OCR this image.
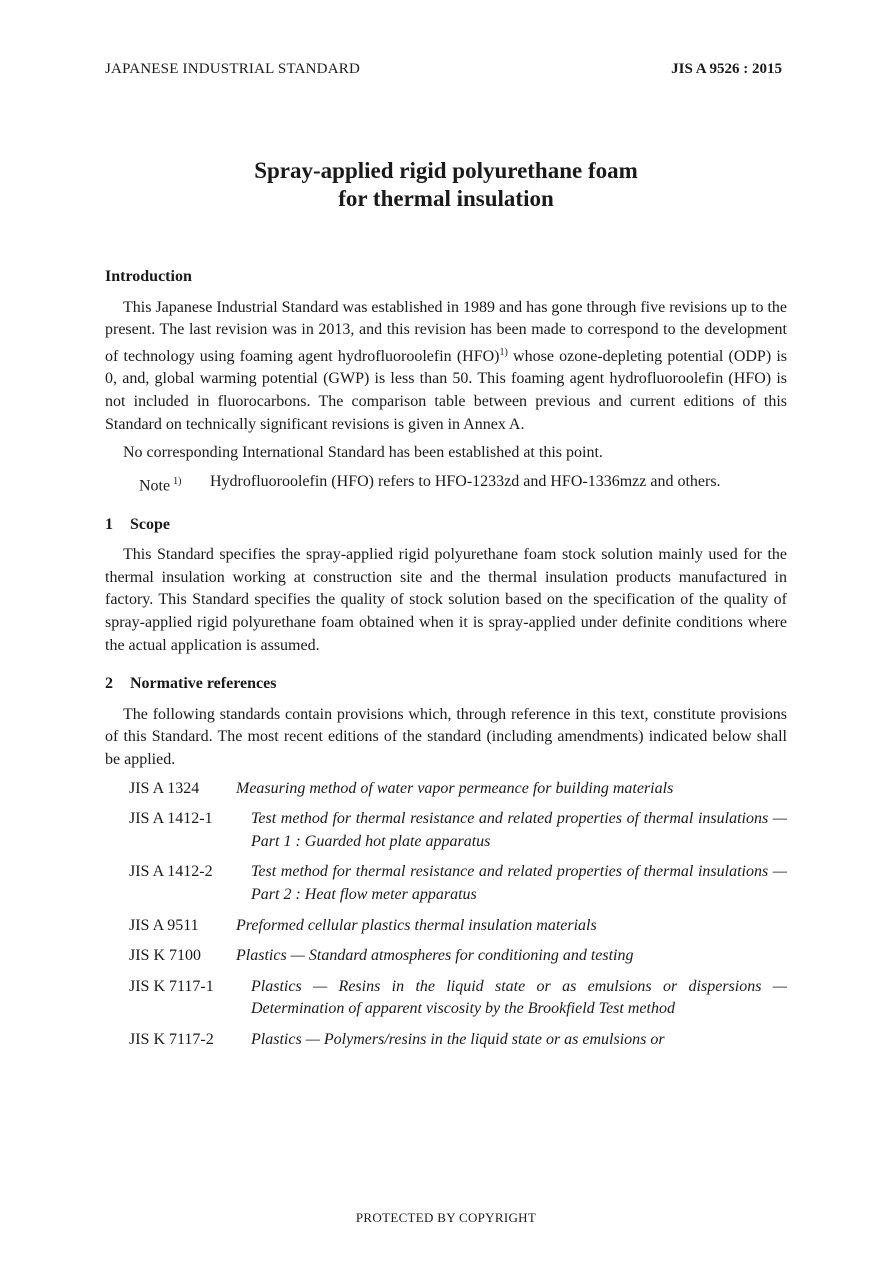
JAPANESE INDUSTRIAL STANDARD	JIS A 9526 : 2015
Spray-applied rigid polyurethane foam
for thermal insulation
Introduction

This Japanese Industrial Standard was established in 1989 and has gone through five revisions up to the present. The last revision was in 2013, and this revision has been made to correspond to the development of technology using foaming agent hydrofluoroolefin (HFO)$^{1)}$ whose ozone-depleting potential (ODP) is 0, and, global warming potential (GWP) is less than 50. This foaming agent hydrofluoroolefin (HFO) is not included in fluorocarbons. The comparison table between previous and current editions of this Standard on technically significant revisions is given in Annex A.

No corresponding International Standard has been established at this point.

Note $^{1)}$	Hydrofluoroolefin (HFO) refers to HFO-1233zd and HFO-1336mzz and others.
1 Scope

This Standard specifies the spray-applied rigid polyurethane foam stock solution mainly used for the thermal insulation working at construction site and the thermal insulation products manufactured in factory. This Standard specifies the quality of stock solution based on the specification of the quality of spray-applied rigid polyurethane foam obtained when it is spray-applied under definite conditions where the actual application is assumed.

2 Normative references

The following standards contain provisions which, through reference in this text, constitute provisions of this Standard. The most recent editions of the standard (including amendments) indicated below shall be applied.

JIS A 1324	Measuring method of water vapor permeance for building materials
JIS A 1412-1	Test method for thermal resistance and related properties of thermal insulations — Part 1 : Guarded hot plate apparatus
JIS A 1412-2	Test method for thermal resistance and related properties of thermal insulations — Part 2 : Heat flow meter apparatus
JIS A 9511	Preformed cellular plastics thermal insulation materials
JIS K 7100	Plastics — Standard atmospheres for conditioning and testing
JIS K 7117-1	Plastics — Resins in the liquid state or as emulsions or dispersions — Determination of apparent viscosity by the Brookfield Test method
JIS K 7117-2	Plastics — Polymers/resins in the liquid state or as emulsions or
PROTECTED BY COPYRIGHT
